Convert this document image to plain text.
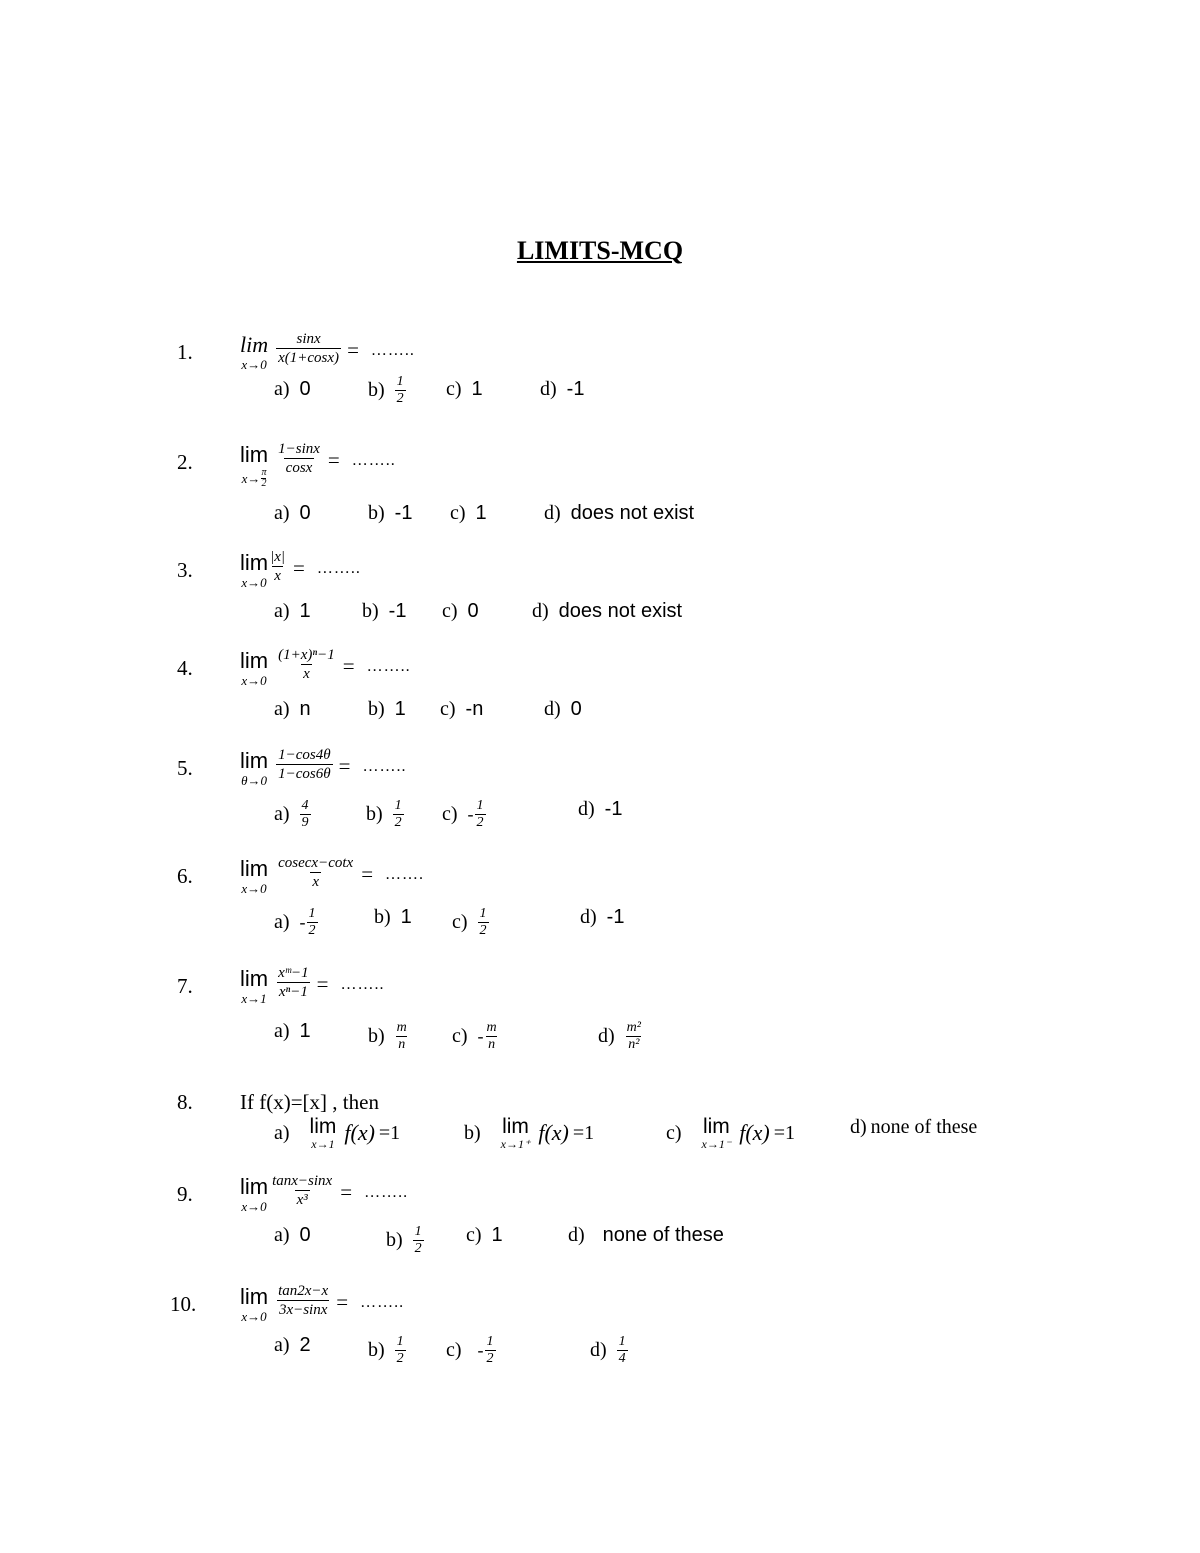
LIMITS-MCQ
1. lim
$x\to 0 \frac{\sin x}{x(1+\cos x)}$ = ……..
a) 0	$b) \frac{1}{2} c$) 1	d) -1
2. lim
$x\to \frac{\pi}{2}$
$\frac{1-\sin x}{\cos x}$ = ……..
a) 0	b) -1 c) 1	d) does not exist
3. lim
$x\to 0 \frac{|x|}{x}$ = ……..
a) 1	b) -1 c) 0	d) does not exist
4. lim
$x\to 0 \frac{\text{(1+x)ⁿ−1}}{x}$ = ……..
a) n	b) 1 c) -n	d) 0
5. lim
$\theta\to 0 \frac{1-\cos 4\theta}{1-\cos 6\theta}$ = ……..
$a) \frac{4}{9}$	$b) \frac{1}{2} c) - \frac{1}{2}$	d) -1
6. lim
$x\to 0 \frac{cosecx-\cot x}{x}$ = …….
$a) - \frac{1}{2}$	b) 1 $c) \frac{1}{2}$	d) -1
7. lim
$x\to 1 \frac{\text{xᵐ−1}}{\text{xⁿ−1}}$ = ……..
a) 1	$b) \frac{m}{n} c) - \frac{m}{n}$	$d) \frac{\text{m²}}{\text{n²}}$
8. If f(x)=[x] , then
a) lim
x→1 f(x) =1	b) lim
x→1⁺ f(x) =1	c) lim
x→1⁻ f(x) =1	d) none of these
9. lim
$x\to 0 \frac{\tan x-\sin x}{\text{x³}}$ = ……..
a) 0	$b) \frac{1}{2} c$) 1	d) none of these
10. lim
$x\to 0 \frac{\tan 2x-x}{3x-\sin x}$ = ……..
a) 2	$b) \frac{1}{2} c) - \frac{1}{2}$	$d) \frac{1}{4}$
